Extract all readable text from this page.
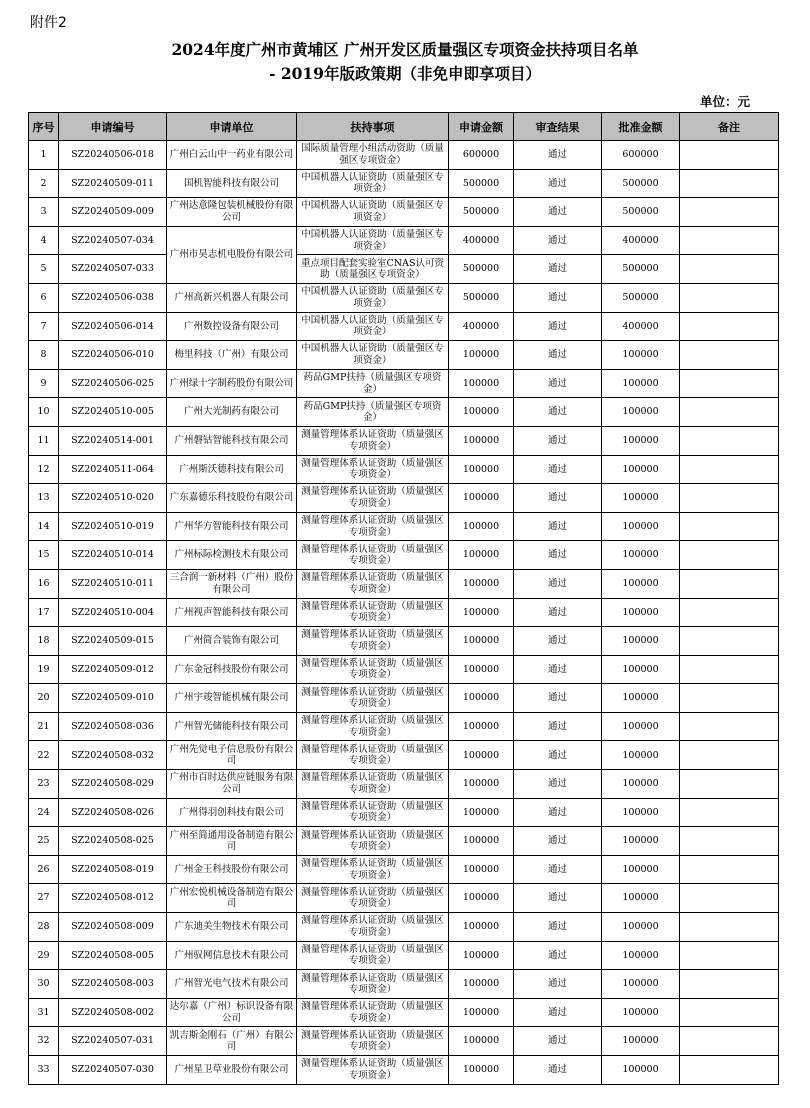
附件2
2024年度广州市黄埔区 广州开发区质量强区专项资金扶持项目名单
- 2019年版政策期（非免申即享项目）
单位：元
序号	申请编号	申请单位	扶持事项	申请金额	审查结果	批准金额	备注
1	SZ20240506-018	广州白云山中一药业有限公司	国际质量管理小组活动资助（质量强区专项资金）	600000	通过	600000	
2	SZ20240509-011	国机智能科技有限公司	中国机器人认证资助（质量强区专项资金）	500000	通过	500000	
3	SZ20240509-009	广州达意隆包装机械股份有限公司	中国机器人认证资助（质量强区专项资金）	500000	通过	500000	
4	SZ20240507-034	广州市昊志机电股份有限公司	中国机器人认证资助（质量强区专项资金）	400000	通过	400000	
5	SZ20240507-033		重点项目配套实验室CNAS认可资助（质量强区专项资金）	500000	通过	500000	
6	SZ20240506-038	广州高新兴机器人有限公司	中国机器人认证资助（质量强区专项资金）	500000	通过	500000	
7	SZ20240506-014	广州数控设备有限公司	中国机器人认证资助（质量强区专项资金）	400000	通过	400000	
8	SZ20240506-010	梅里科技（广州）有限公司	中国机器人认证资助（质量强区专项资金）	100000	通过	100000	
9	SZ20240506-025	广州绿十字制药股份有限公司	药品GMP扶持（质量强区专项资金）	100000	通过	100000	
10	SZ20240510-005	广州大光制药有限公司	药品GMP扶持（质量强区专项资金）	100000	通过	100000	
11	SZ20240514-001	广州磐钴智能科技有限公司	测量管理体系认证资助（质量强区专项资金）	100000	通过	100000	
12	SZ20240511-064	广州斯沃德科技有限公司	测量管理体系认证资助（质量强区专项资金）	100000	通过	100000	
13	SZ20240510-020	广东嘉德乐科技股份有限公司	测量管理体系认证资助（质量强区专项资金）	100000	通过	100000	
14	SZ20240510-019	广州华方智能科技有限公司	测量管理体系认证资助（质量强区专项资金）	100000	通过	100000	
15	SZ20240510-014	广州标际检测技术有限公司	测量管理体系认证资助（质量强区专项资金）	100000	通过	100000	
16	SZ20240510-011	三合润一新材料（广州）股份有限公司	测量管理体系认证资助（质量强区专项资金）	100000	通过	100000	
17	SZ20240510-004	广州视声智能科技有限公司	测量管理体系认证资助（质量强区专项资金）	100000	通过	100000	
18	SZ20240509-015	广州简合装饰有限公司	测量管理体系认证资助（质量强区专项资金）	100000	通过	100000	
19	SZ20240509-012	广东金冠科技股份有限公司	测量管理体系认证资助（质量强区专项资金）	100000	通过	100000	
20	SZ20240509-010	广州宇竣智能机械有限公司	测量管理体系认证资助（质量强区专项资金）	100000	通过	100000	
21	SZ20240508-036	广州智光储能科技有限公司	测量管理体系认证资助（质量强区专项资金）	100000	通过	100000	
22	SZ20240508-032	广州先觉电子信息股份有限公司	测量管理体系认证资助（质量强区专项资金）	100000	通过	100000	
23	SZ20240508-029	广州市百时达供应链服务有限公司	测量管理体系认证资助（质量强区专项资金）	100000	通过	100000	
24	SZ20240508-026	广州得羽创科技有限公司	测量管理体系认证资助（质量强区专项资金）	100000	通过	100000	
25	SZ20240508-025	广州至简通用设备制造有限公司	测量管理体系认证资助（质量强区专项资金）	100000	通过	100000	
26	SZ20240508-019	广州金王科技股份有限公司	测量管理体系认证资助（质量强区专项资金）	100000	通过	100000	
27	SZ20240508-012	广州宏悦机械设备制造有限公司	测量管理体系认证资助（质量强区专项资金）	100000	通过	100000	
28	SZ20240508-009	广东迪美生物技术有限公司	测量管理体系认证资助（质量强区专项资金）	100000	通过	100000	
29	SZ20240508-005	广州驭网信息技术有限公司	测量管理体系认证资助（质量强区专项资金）	100000	通过	100000	
30	SZ20240508-003	广州智光电气技术有限公司	测量管理体系认证资助（质量强区专项资金）	100000	通过	100000	
31	SZ20240508-002	达尔嘉（广州）标识设备有限公司	测量管理体系认证资助（质量强区专项资金）	100000	通过	100000	
32	SZ20240507-031	凯吉斯金刚石（广州）有限公司	测量管理体系认证资助（质量强区专项资金）	100000	通过	100000	
33	SZ20240507-030	广州星卫草业股份有限公司	测量管理体系认证资助（质量强区专项资金）	100000	通过	100000	
